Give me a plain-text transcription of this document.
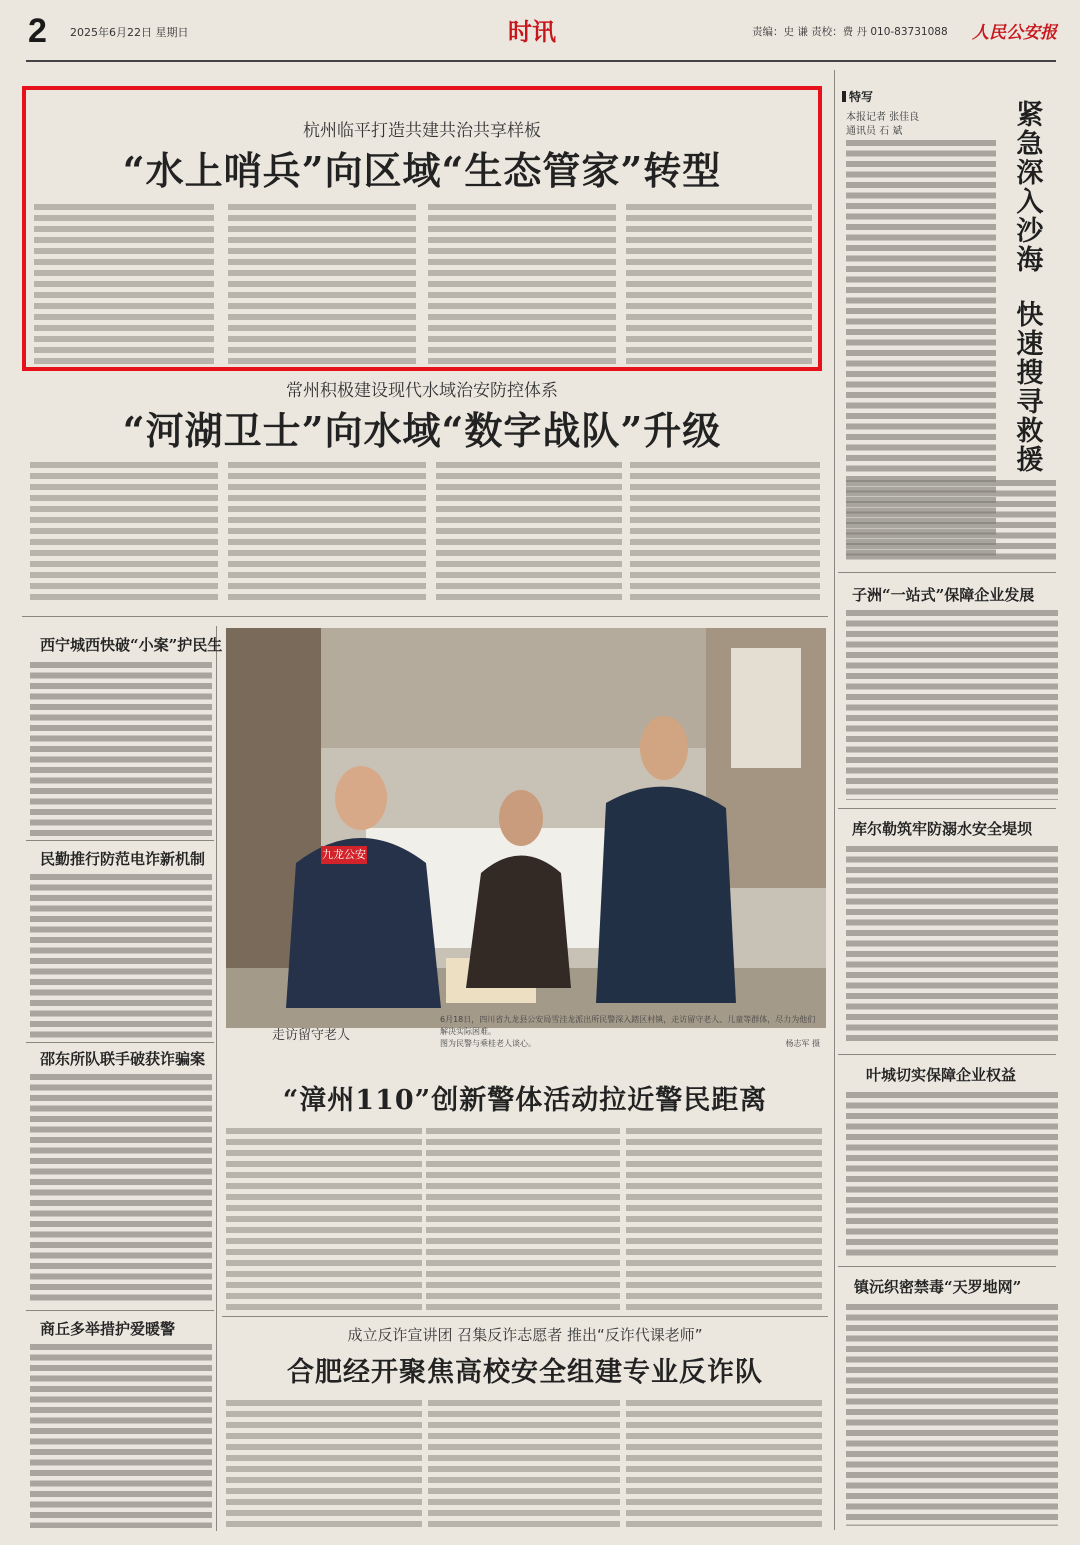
2 2025年6月22日 星期日	时讯	责编：史 谦 责校：费 丹 010-83731088 人民公安报
杭州临平打造共建共治共享样板
“水上哨兵”向区域“生态管家”转型
常州积极建设现代水域治安防控体系
“河湖卫士”向水域“数字战队”升级
特写
本报记者 张佳良
通讯员 石 斌	紧急深入沙海
快速搜寻救援
子洲“一站式”保障企业发展
库尔勒筑牢防溺水安全堤坝
叶城切实保障企业权益
镇沅织密禁毒“天罗地网”
西宁城西快破“小案”护民生
民勤推行防范电诈新机制
邵东所队联手破获诈骗案
商丘多举措护爱暖警
九龙公安
走访留守老人
6月18日，四川省九龙县公安局雪洼龙派出所民警深入踏区村镇，走访留守老人、儿童等群体，尽力为他们解决实际困难。
图为民警与乘桂老人谈心。	杨志军 摄
“漳州110”创新警体活动拉近警民距离
成立反诈宣讲团 召集反诈志愿者 推出“反诈代课老师”
合肥经开聚焦高校安全组建专业反诈队
